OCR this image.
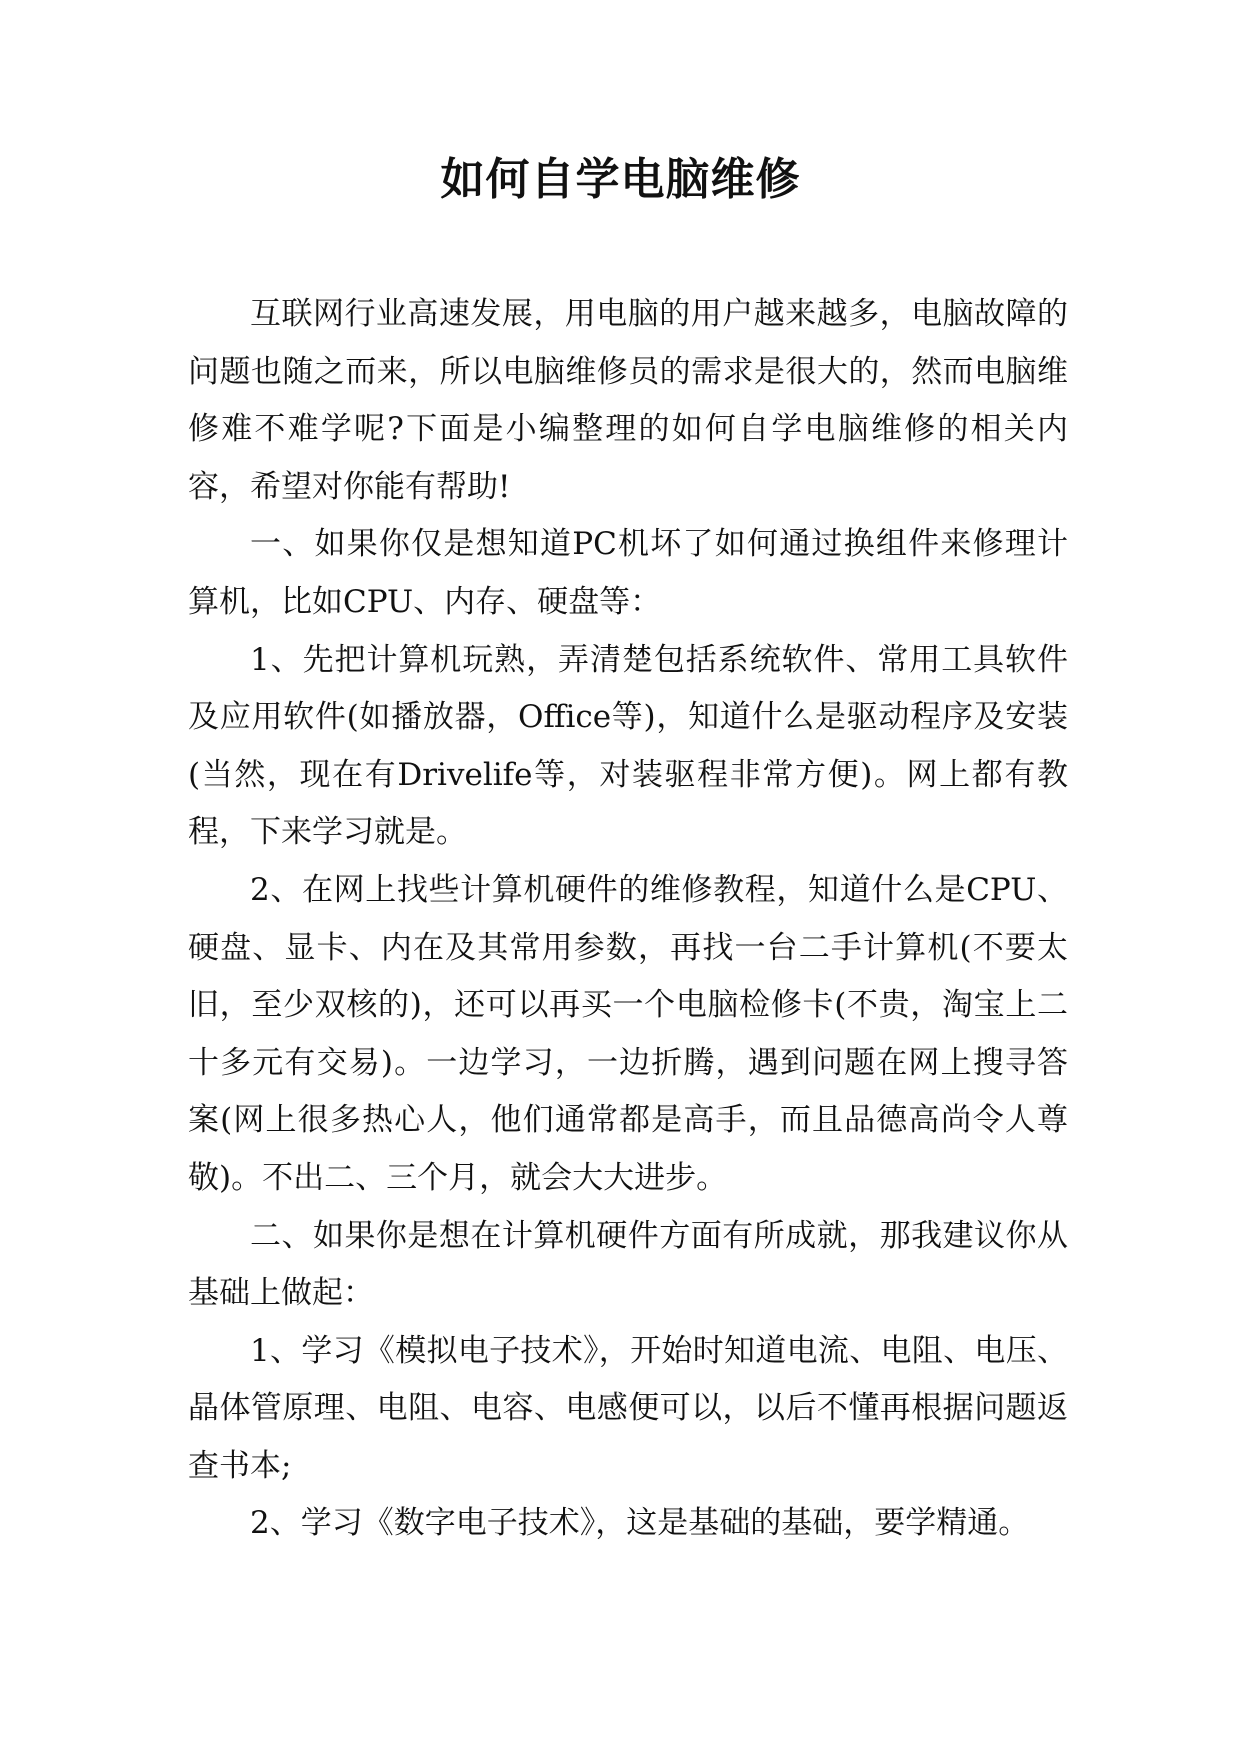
如何自学电脑维修

互联网行业高速发展，用电脑的用户越来越多，电脑故障的问题也随之而来，所以电脑维修员的需求是很大的，然而电脑维修难不难学呢?下面是小编整理的如何自学电脑维修的相关内容，希望对你能有帮助!

一、如果你仅是想知道PC机坏了如何通过换组件来修理计算机，比如CPU、内存、硬盘等：

1、先把计算机玩熟，弄清楚包括系统软件、常用工具软件及应用软件(如播放器，Office等)，知道什么是驱动程序及安装(当然，现在有Drivelife等，对装驱程非常方便)。网上都有教程，下来学习就是。

2、在网上找些计算机硬件的维修教程，知道什么是CPU、硬盘、显卡、内在及其常用参数，再找一台二手计算机(不要太旧，至少双核的)，还可以再买一个电脑检修卡(不贵，淘宝上二十多元有交易)。一边学习，一边折腾，遇到问题在网上搜寻答案(网上很多热心人，他们通常都是高手，而且品德高尚令人尊敬)。不出二、三个月，就会大大进步。

二、如果你是想在计算机硬件方面有所成就，那我建议你从基础上做起：

1、学习《模拟电子技术》，开始时知道电流、电阻、电压、晶体管原理、电阻、电容、电感便可以，以后不懂再根据问题返查书本;

2、学习《数字电子技术》，这是基础的基础，要学精通。
